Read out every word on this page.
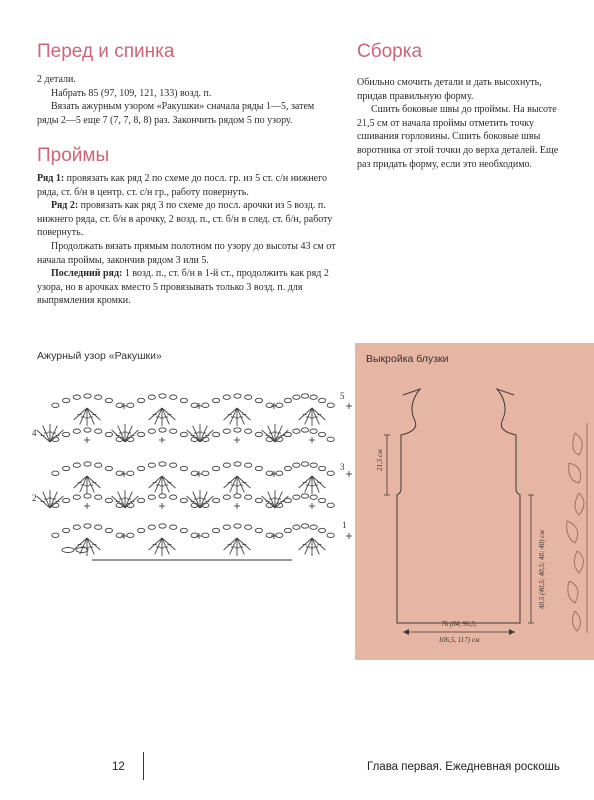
Перед и спинка

2 детали.

Набрать 85 (97, 109, 121, 133) возд. п.

Вязать ажурным узором «Ракушки» сначала ряды 1—5, затем ряды 2—5 еще 7 (7, 7, 8, 8) раз. Закончить рядом 5 по узору.

Проймы

Ряд 1: провязать как ряд 2 по схеме до посл. гр. из 5 ст. с/н нижнего ряда, ст. б/н в центр. ст. с/н гр., работу повернуть.

Ряд 2: провязать как ряд 3 по схеме до посл. арочки из 5 возд. п. нижнего ряда, ст. б/н в арочку, 2 возд. п., ст. б/н в след. ст. б/н, работу повернуть.

Продолжать вязать прямым полотном по узору до высоты 43 см от начала проймы, закончив рядом 3 или 5.

Последний ряд: 1 возд. п., ст. б/н в 1-й ст., продолжить как ряд 2 узора, но в арочках вместо 5 провязывать только 3 возд. п. для выпрямления кромки.

Сборка

Обильно смочить детали и дать высохнуть, придав правильную форму.

Сшить боковые швы до проймы. На высоте 21,5 см от начала проймы отметить точку сшивания горловины. Сшить боковые швы воротника от этой точки до верха деталей. Еще раз придать форму, если это необходимо.

Ажурный узор «Ракушки»
5
4
3
2
1
Выкройка блузки
21,5 см
40,5 (40,5; 40,5; 40; 40) см
76 (84, 96,5,
106,5, 117) см
12	Глава первая. Ежедневная роскошь
